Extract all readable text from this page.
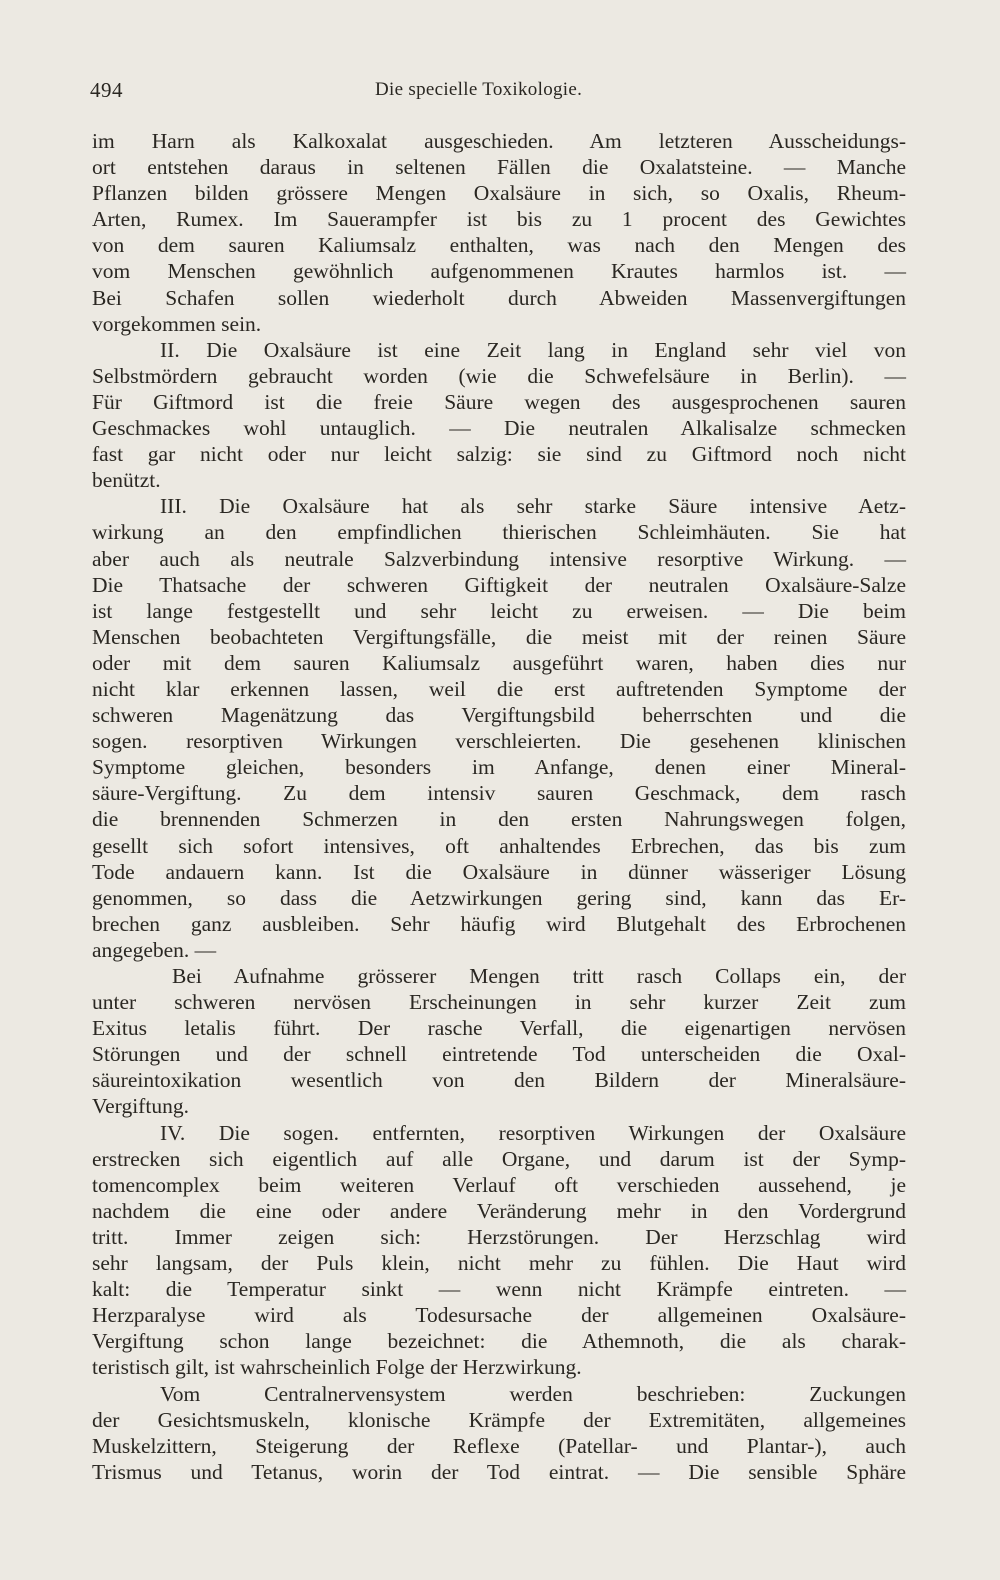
494	Die specielle Toxikologie.
im Harn als Kalkoxalat ausgeschieden. Am letzteren Ausscheidungs-
ort entstehen daraus in seltenen Fällen die Oxalatsteine. — Manche
Pflanzen bilden grössere Mengen Oxalsäure in sich, so Oxalis, Rheum-
Arten, Rumex. Im Sauerampfer ist bis zu 1 procent des Gewichtes
von dem sauren Kaliumsalz enthalten, was nach den Mengen des
vom Menschen gewöhnlich aufgenommenen Krautes harmlos ist. —
Bei Schafen sollen wiederholt durch Abweiden Massenvergiftungen
vorgekommen sein.
II. Die Oxalsäure ist eine Zeit lang in England sehr viel von
Selbstmördern gebraucht worden (wie die Schwefelsäure in Berlin). —
Für Giftmord ist die freie Säure wegen des ausgesprochenen sauren
Geschmackes wohl untauglich. — Die neutralen Alkalisalze schmecken
fast gar nicht oder nur leicht salzig: sie sind zu Giftmord noch nicht
benützt.
III. Die Oxalsäure hat als sehr starke Säure intensive Aetz-
wirkung an den empfindlichen thierischen Schleimhäuten. Sie hat
aber auch als neutrale Salzverbindung intensive resorptive Wirkung. —
Die Thatsache der schweren Giftigkeit der neutralen Oxalsäure-Salze
ist lange festgestellt und sehr leicht zu erweisen. — Die beim
Menschen beobachteten Vergiftungsfälle, die meist mit der reinen Säure
oder mit dem sauren Kaliumsalz ausgeführt waren, haben dies nur
nicht klar erkennen lassen, weil die erst auftretenden Symptome der
schweren Magenätzung das Vergiftungsbild beherrschten und die
sogen. resorptiven Wirkungen verschleierten. Die gesehenen klinischen
Symptome gleichen, besonders im Anfange, denen einer Mineral-
säure-Vergiftung. Zu dem intensiv sauren Geschmack, dem rasch
die brennenden Schmerzen in den ersten Nahrungswegen folgen,
gesellt sich sofort intensives, oft anhaltendes Erbrechen, das bis zum
Tode andauern kann. Ist die Oxalsäure in dünner wässeriger Lösung
genommen, so dass die Aetzwirkungen gering sind, kann das Er-
brechen ganz ausbleiben. Sehr häufig wird Blutgehalt des Erbrochenen
angegeben. —
Bei Aufnahme grösserer Mengen tritt rasch Collaps ein, der
unter schweren nervösen Erscheinungen in sehr kurzer Zeit zum
Exitus letalis führt. Der rasche Verfall, die eigenartigen nervösen
Störungen und der schnell eintretende Tod unterscheiden die Oxal-
säureintoxikation wesentlich von den Bildern der Mineralsäure-
Vergiftung.
IV. Die sogen. entfernten, resorptiven Wirkungen der Oxalsäure
erstrecken sich eigentlich auf alle Organe, und darum ist der Symp-
tomencomplex beim weiteren Verlauf oft verschieden aussehend, je
nachdem die eine oder andere Veränderung mehr in den Vordergrund
tritt. Immer zeigen sich: Herzstörungen. Der Herzschlag wird
sehr langsam, der Puls klein, nicht mehr zu fühlen. Die Haut wird
kalt: die Temperatur sinkt — wenn nicht Krämpfe eintreten. —
Herzparalyse wird als Todesursache der allgemeinen Oxalsäure-
Vergiftung schon lange bezeichnet: die Athemnoth, die als charak-
teristisch gilt, ist wahrscheinlich Folge der Herzwirkung.
Vom Centralnervensystem werden beschrieben: Zuckungen
der Gesichtsmuskeln, klonische Krämpfe der Extremitäten, allgemeines
Muskelzittern, Steigerung der Reflexe (Patellar- und Plantar-), auch
Trismus und Tetanus, worin der Tod eintrat. — Die sensible Sphäre
